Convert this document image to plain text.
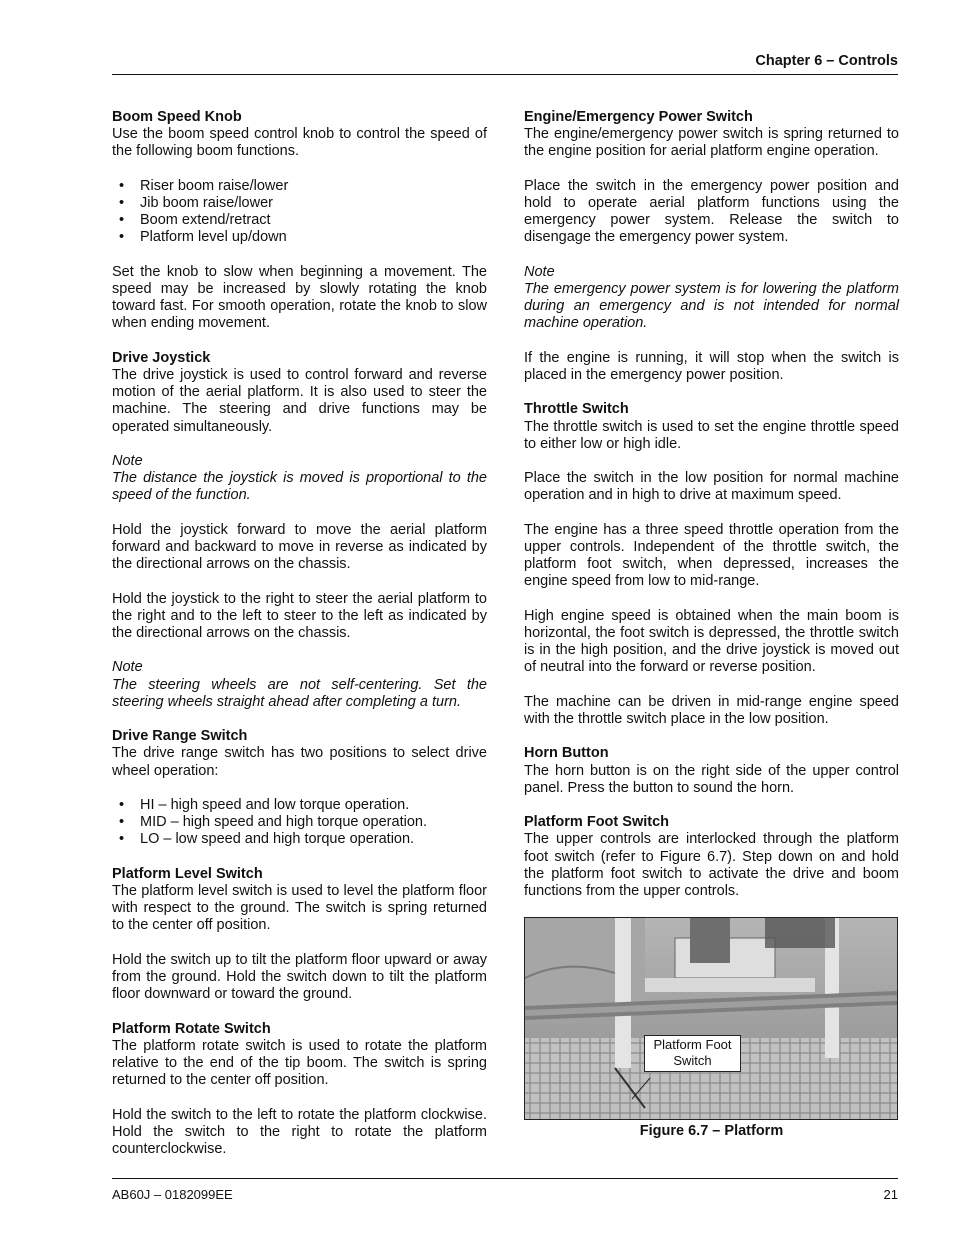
Chapter 6 – Controls
Boom Speed Knob

Use the boom speed control knob to control the speed of the following boom functions.

• Riser boom raise/lower
• Jib boom raise/lower
• Boom extend/retract
• Platform level up/down

Set the knob to slow when beginning a movement. The speed may be increased by slowly rotating the knob toward fast. For smooth operation, rotate the knob to slow when ending movement.

Drive Joystick

The drive joystick is used to control forward and reverse motion of the aerial platform. It is also used to steer the machine. The steering and drive functions may be operated simultaneously.

Note

The distance the joystick is moved is proportional to the speed of the function.

Hold the joystick forward to move the aerial platform forward and backward to move in reverse as indicated by the directional arrows on the chassis.

Hold the joystick to the right to steer the aerial platform to the right and to the left to steer to the left as indicated by the directional arrows on the chassis.

Note

The steering wheels are not self-centering. Set the steering wheels straight ahead after completing a turn.

Drive Range Switch

The drive range switch has two positions to select drive wheel operation:

• HI – high speed and low torque operation.
• MID – high speed and high torque operation.
• LO – low speed and high torque operation.
Platform Level Switch

The platform level switch is used to level the platform floor with respect to the ground. The switch is spring returned to the center off position.

Hold the switch up to tilt the platform floor upward or away from the ground. Hold the switch down to tilt the platform floor downward or toward the ground.

Platform Rotate Switch

The platform rotate switch is used to rotate the platform relative to the end of the tip boom. The switch is spring returned to the center off position.

Hold the switch to the left to rotate the platform clockwise. Hold the switch to the right to rotate the platform counterclockwise.

Engine/Emergency Power Switch

The engine/emergency power switch is spring returned to the engine position for aerial platform engine operation.

Place the switch in the emergency power position and hold to operate aerial platform functions using the emergency power system. Release the switch to disengage the emergency power system.

Note

The emergency power system is for lowering the platform during an emergency and is not intended for normal machine operation.

If the engine is running, it will stop when the switch is placed in the emergency power position.

Throttle Switch

The throttle switch is used to set the engine throttle speed to either low or high idle.

Place the switch in the low position for normal machine operation and in high to drive at maximum speed.

The engine has a three speed throttle operation from the upper controls. Independent of the throttle switch, the platform foot switch, when depressed, increases the engine speed from low to mid-range.

High engine speed is obtained when the main boom is horizontal, the foot switch is depressed, the throttle switch is in the high position, and the drive joystick is moved out of neutral into the forward or reverse position.

The machine can be driven in mid-range engine speed with the throttle switch place in the low position.

Horn Button

The horn button is on the right side of the upper control panel. Press the button to sound the horn.

Platform Foot Switch

The upper controls are interlocked through the platform foot switch (refer to Figure 6.7). Step down on and hold the platform foot switch to activate the drive and boom functions from the upper controls.

Platform Foot Switch
Figure 6.7 – Platform
AB60J – 0182099EE	21
